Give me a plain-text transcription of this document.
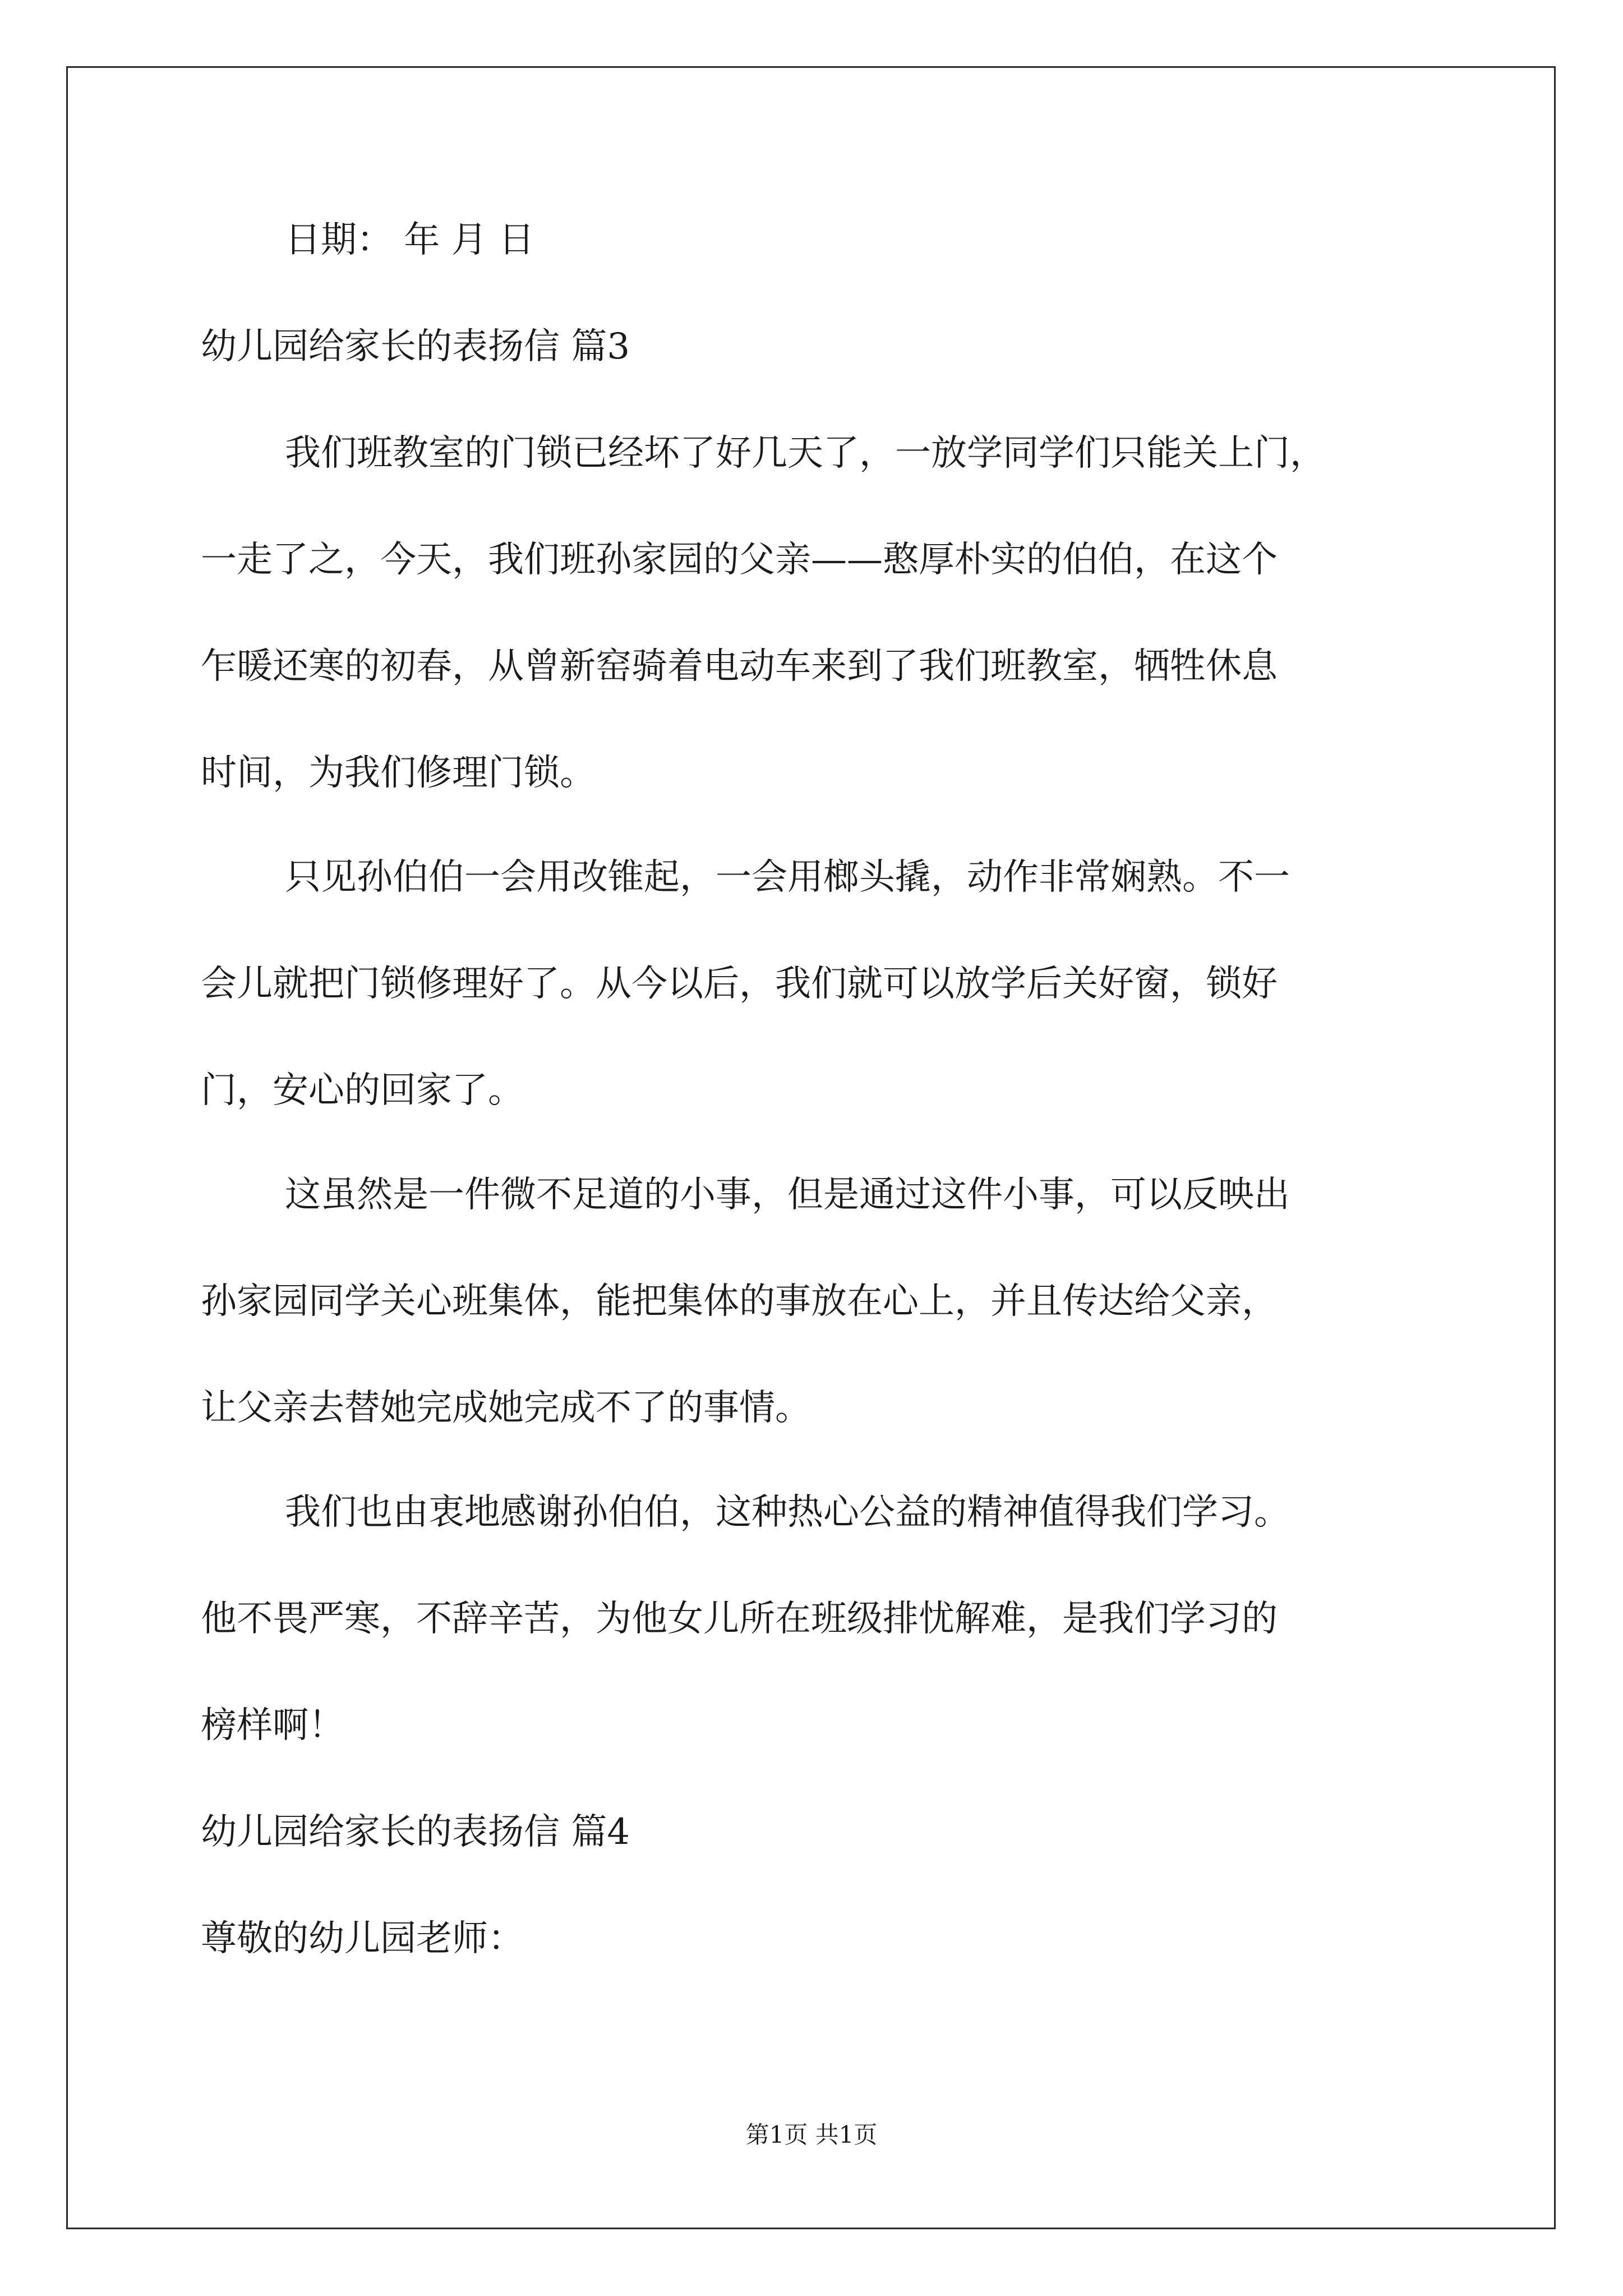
日期： 年 月 日
幼儿园给家长的表扬信 篇3
我们班教室的门锁已经坏了好几天了，一放学同学们只能关上门，
一走了之，今天，我们班孙家园的父亲——憨厚朴实的伯伯，在这个
乍暖还寒的初春，从曾新窑骑着电动车来到了我们班教室，牺牲休息
时间，为我们修理门锁。
只见孙伯伯一会用改锥起，一会用榔头撬，动作非常娴熟。不一
会儿就把门锁修理好了。从今以后，我们就可以放学后关好窗，锁好
门，安心的回家了。
这虽然是一件微不足道的小事，但是通过这件小事，可以反映出
孙家园同学关心班集体，能把集体的事放在心上，并且传达给父亲，
让父亲去替她完成她完成不了的事情。
我们也由衷地感谢孙伯伯，这种热心公益的精神值得我们学习。
他不畏严寒，不辞辛苦，为他女儿所在班级排忧解难，是我们学习的
榜样啊！
幼儿园给家长的表扬信 篇4
尊敬的幼儿园老师：
第1页 共1页
